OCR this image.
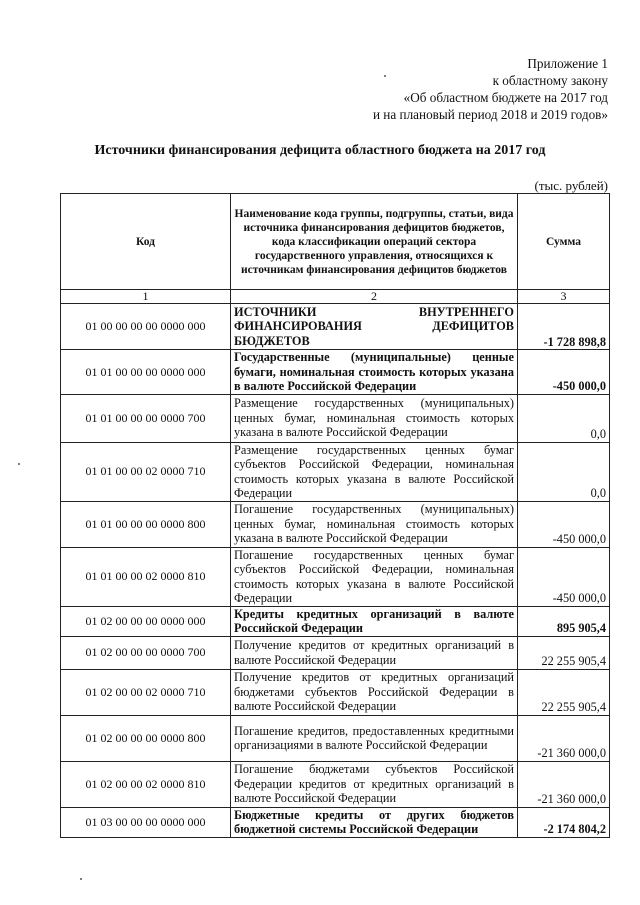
Приложение 1
к областному закону
«Об областном бюджете на 2017 год
и на плановый период 2018 и 2019 годов»
Источники финансирования дефицита областного бюджета на 2017 год
(тыс. рублей)
Код	Наименование кода группы, подгруппы, статьи, вида источника финансирования дефицитов бюджетов, кода классификации операций сектора государственного управления, относящихся к источникам финансирования дефицитов бюджетов	Сумма
1	2	3
01 00 00 00 00 0000 000	ИСТОЧНИКИ ВНУТРЕННЕГО ФИНАНСИРОВАНИЯ ДЕФИЦИТОВ БЮДЖЕТОВ	-1 728 898,8
01 01 00 00 00 0000 000	Государственные (муниципальные) ценные бумаги, номинальная стоимость которых указана в валюте Российской Федерации	-450 000,0
01 01 00 00 00 0000 700	Размещение государственных (муниципальных) ценных бумаг, номинальная стоимость которых указана в валюте Российской Федерации	0,0
01 01 00 00 02 0000 710	Размещение государственных ценных бумаг субъектов Российской Федерации, номинальная стоимость которых указана в валюте Российской Федерации	0,0
01 01 00 00 00 0000 800	Погашение государственных (муниципальных) ценных бумаг, номинальная стоимость которых указана в валюте Российской Федерации	-450 000,0
01 01 00 00 02 0000 810	Погашение государственных ценных бумаг субъектов Российской Федерации, номинальная стоимость которых указана в валюте Российской Федерации	-450 000,0
01 02 00 00 00 0000 000	Кредиты кредитных организаций в валюте Российской Федерации	895 905,4
01 02 00 00 00 0000 700	Получение кредитов от кредитных организаций в валюте Российской Федерации	22 255 905,4
01 02 00 00 02 0000 710	Получение кредитов от кредитных организаций бюджетами субъектов Российской Федерации в валюте Российской Федерации	22 255 905,4
01 02 00 00 00 0000 800	Погашение кредитов, предоставленных кредитными организациями в валюте Российской Федерации	-21 360 000,0
01 02 00 00 02 0000 810	Погашение бюджетами субъектов Российской Федерации кредитов от кредитных организаций в валюте Российской Федерации	-21 360 000,0
01 03 00 00 00 0000 000	Бюджетные кредиты от других бюджетов бюджетной системы Российской Федерации	-2 174 804,2
